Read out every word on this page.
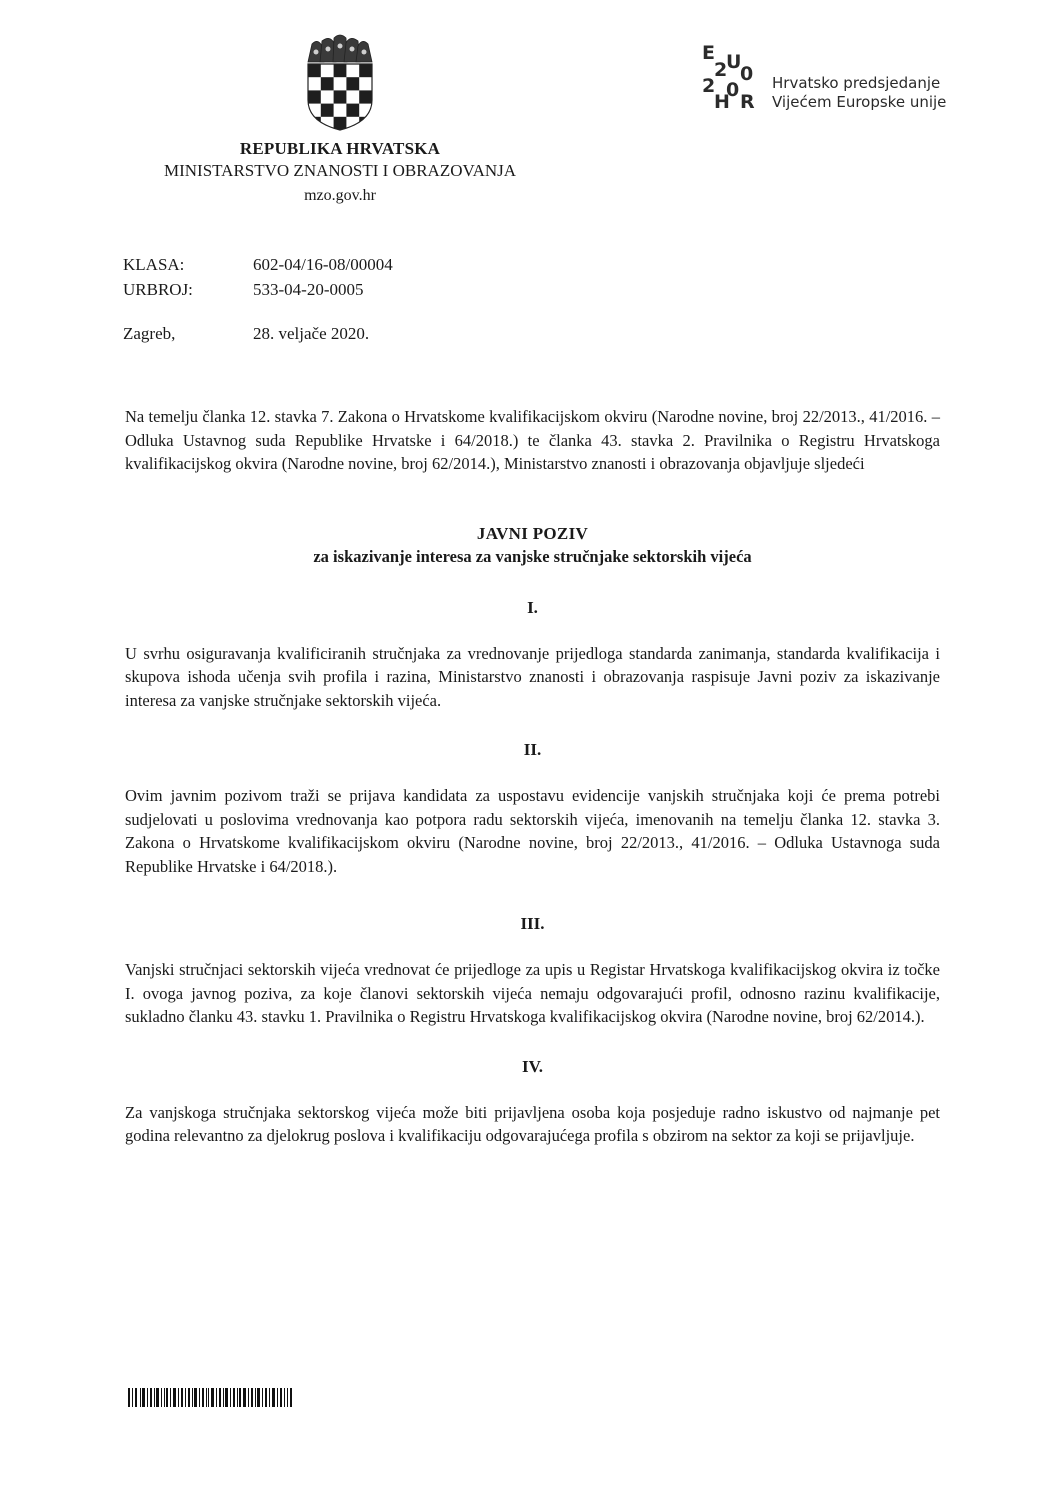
E U
2 0
2 0
H R
Hrvatsko predsjedanje
Vijećem Europske unije
REPUBLIKA HRVATSKA
MINISTARSTVO ZNANOSTI I OBRAZOVANJA
mzo.gov.hr
KLASA:	602-04/16-08/00004
URBROJ:	533-04-20-0005
Zagreb,	28. veljače 2020.

Na temelju članka 12. stavka 7. Zakona o Hrvatskome kvalifikacijskom okviru (Narodne novine, broj 22/2013., 41/2016. – Odluka Ustavnog suda Republike Hrvatske i 64/2018.) te članka 43. stavka 2. Pravilnika o Registru Hrvatskoga kvalifikacijskog okvira (Narodne novine, broj 62/2014.), Ministarstvo znanosti i obrazovanja objavljuje sljedeći

JAVNI POZIV
za iskazivanje interesa za vanjske stručnjake sektorskih vijeća
I.

U svrhu osiguravanja kvalificiranih stručnjaka za vrednovanje prijedloga standarda zanimanja, standarda kvalifikacija i skupova ishoda učenja svih profila i razina, Ministarstvo znanosti i obrazovanja raspisuje Javni poziv za iskazivanje interesa za vanjske stručnjake sektorskih vijeća.

II.

Ovim javnim pozivom traži se prijava kandidata za uspostavu evidencije vanjskih stručnjaka koji će prema potrebi sudjelovati u poslovima vrednovanja kao potpora radu sektorskih vijeća, imenovanih na temelju članka 12. stavka 3. Zakona o Hrvatskome kvalifikacijskom okviru (Narodne novine, broj 22/2013., 41/2016. – Odluka Ustavnoga suda Republike Hrvatske i 64/2018.).

III.

Vanjski stručnjaci sektorskih vijeća vrednovat će prijedloge za upis u Registar Hrvatskoga kvalifikacijskog okvira iz točke I. ovoga javnog poziva, za koje članovi sektorskih vijeća nemaju odgovarajući profil, odnosno razinu kvalifikacije, sukladno članku 43. stavku 1. Pravilnika o Registru Hrvatskoga kvalifikacijskog okvira (Narodne novine, broj 62/2014.).

IV.

Za vanjskoga stručnjaka sektorskog vijeća može biti prijavljena osoba koja posjeduje radno iskustvo od najmanje pet godina relevantno za djelokrug poslova i kvalifikaciju odgovarajućega profila s obzirom na sektor za koji se prijavljuje.
